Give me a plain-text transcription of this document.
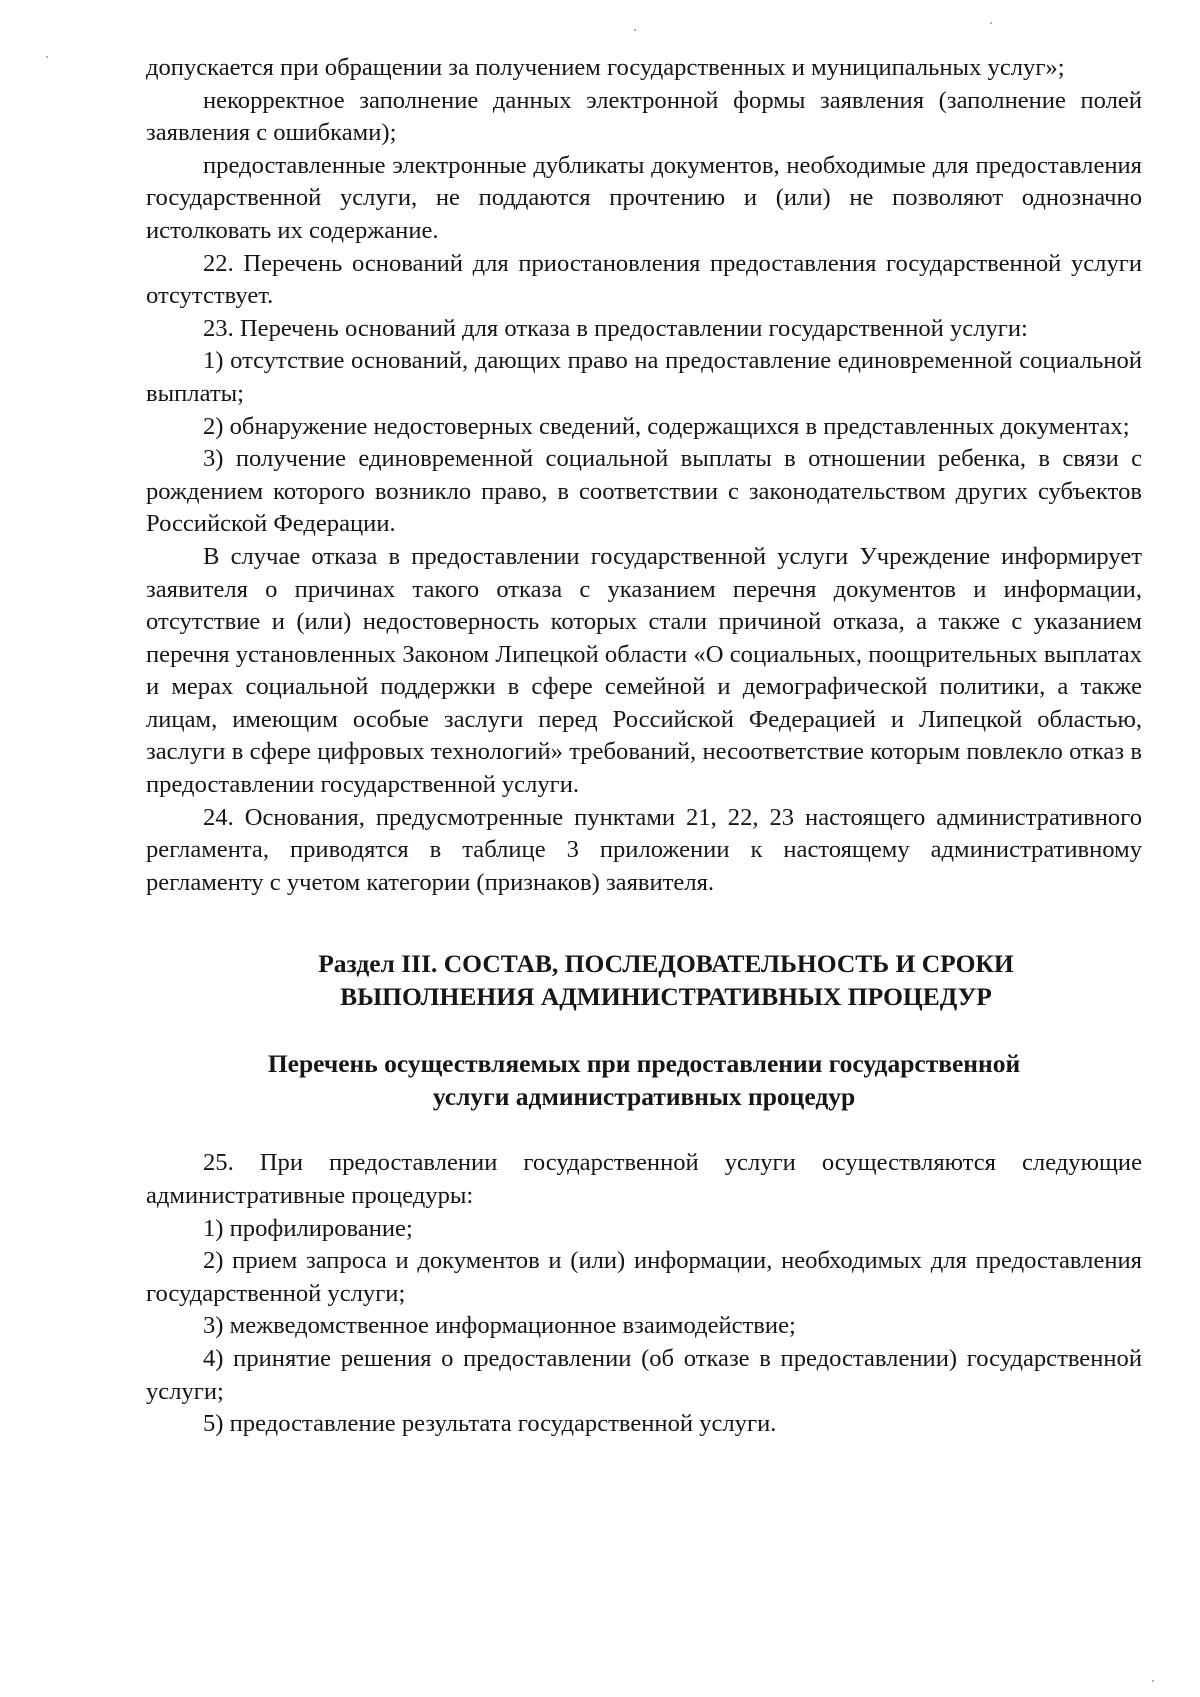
допускается при обращении за получением государственных и муниципальных услуг»;

некорректное заполнение данных электронной формы заявления (заполнение полей заявления с ошибками);

предоставленные электронные дубликаты документов, необходимые для предоставления государственной услуги, не поддаются прочтению и (или) не позволяют однозначно истолковать их содержание.

22. Перечень оснований для приостановления предоставления государственной услуги отсутствует.

23. Перечень оснований для отказа в предоставлении государственной услуги:

1) отсутствие оснований, дающих право на предоставление единовременной социальной выплаты;

2) обнаружение недостоверных сведений, содержащихся в представленных документах;

3) получение единовременной социальной выплаты в отношении ребенка, в связи с рождением которого возникло право, в соответствии с законодательством других субъектов Российской Федерации.

В случае отказа в предоставлении государственной услуги Учреждение информирует заявителя о причинах такого отказа с указанием перечня документов и информации, отсутствие и (или) недостоверность которых стали причиной отказа, а также с указанием перечня установленных Законом Липецкой области «О социальных, поощрительных выплатах и мерах социальной поддержки в сфере семейной и демографической политики, а также лицам, имеющим особые заслуги перед Российской Федерацией и Липецкой областью, заслуги в сфере цифровых технологий» требований, несоответствие которым повлекло отказ в предоставлении государственной услуги.

24. Основания, предусмотренные пунктами 21, 22, 23 настоящего административного регламента, приводятся в таблице 3 приложении к настоящему административному регламенту с учетом категории (признаков) заявителя.

Раздел III. СОСТАВ, ПОСЛЕДОВАТЕЛЬНОСТЬ И СРОКИ
ВЫПОЛНЕНИЯ АДМИНИСТРАТИВНЫХ ПРОЦЕДУР

Перечень осуществляемых при предоставлении государственной
услуги административных процедур

25. При предоставлении государственной услуги осуществляются следующие административные процедуры:

1) профилирование;

2) прием запроса и документов и (или) информации, необходимых для предоставления государственной услуги;

3) межведомственное информационное взаимодействие;

4) принятие решения о предоставлении (об отказе в предоставлении) государственной услуги;

5) предоставление результата государственной услуги.
